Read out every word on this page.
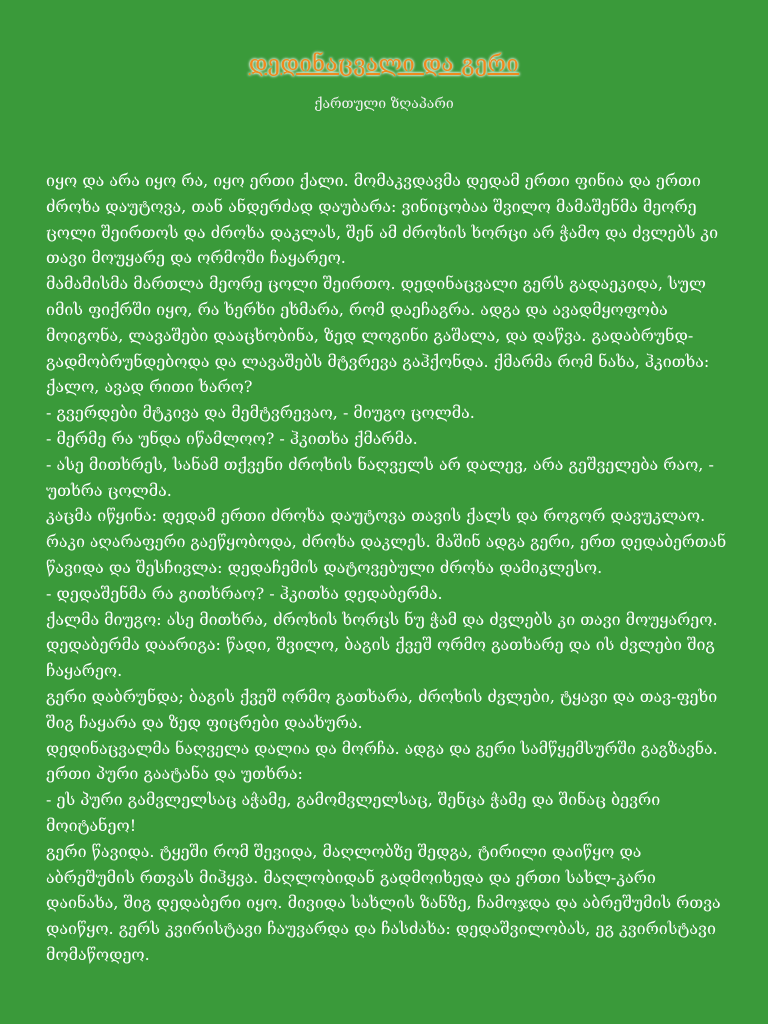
დედინაცვალი და გერი
ქართული ზღაპარი
იყო და არა იყო რა, იყო ერთი ქალი. მომაკვდავმა დედამ ერთი ფინია და ერთი
ძროხა დაუტოვა, თან ანდერძად დაუბარა: ვინიცობაა შვილო მამაშენმა მეორე
ცოლი შეირთოს და ძროხა დაკლას, შენ ამ ძროხის ხორცი არ ჭამო და ძვლებს კი
თავი მოუყარე და ორმოში ჩაყარეო.
მამამისმა მართლა მეორე ცოლი შეირთო. დედინაცვალი გერს გადაეკიდა, სულ
იმის ფიქრში იყო, რა ხერხი ეხმარა, რომ დაეჩაგრა. ადგა და ავადმყოფობა
მოიგონა, ლავაშები დააცხობინა, ზედ ლოგინი გაშალა, და დაწვა. გადაბრუნდ-
გადმობრუნდებოდა და ლავაშებს მტვრევა გაჰქონდა. ქმარმა რომ ნახა, ჰკითხა:
ქალო, ავად რითი ხარო?
- გვერდები მტკივა და მემტვრევაო, - მიუგო ცოლმა.
- მერმე რა უნდა იწამლოო? - ჰკითხა ქმარმა.
- ასე მითხრეს, სანამ თქვენი ძროხის ნაღველს არ დალევ, არა გეშველება რაო, -
უთხრა ცოლმა.
კაცმა იწყინა: დედამ ერთი ძროხა დაუტოვა თავის ქალს და როგორ დავუკლაო.
რაკი აღარაფერი გაეწყობოდა, ძროხა დაკლეს. მაშინ ადგა გერი, ერთ დედაბერთან
წავიდა და შესჩივლა: დედაჩემის დატოვებული ძროხა დამიკლესო.
- დედაშენმა რა გითხრაო? - ჰკითხა დედაბერმა.
ქალმა მიუგო: ასე მითხრა, ძროხის ხორცს ნუ ჭამ და ძვლებს კი თავი მოუყარეო.
დედაბერმა დაარიგა: წადი, შვილო, ბაგის ქვეშ ორმო გათხარე და ის ძვლები შიგ
ჩაყარეო.
გერი დაბრუნდა; ბაგის ქვეშ ორმო გათხარა, ძროხის ძვლები, ტყავი და თავ-ფეხი
შიგ ჩაყარა და ზედ ფიცრები დაახურა.
დედინაცვალმა ნაღველა დალია და მორჩა. ადგა და გერი სამწყემსურში გაგზავნა.
ერთი პური გაატანა და უთხრა:
- ეს პური გამვლელსაც აჭამე, გამომვლელსაც, შენცა ჭამე და შინაც ბევრი
მოიტანეო!
გერი წავიდა. ტყეში რომ შევიდა, მაღლობზე შედგა, ტირილი დაიწყო და
აბრეშუმის რთვას მიჰყვა. მაღლობიდან გადმოიხედა და ერთი სახლ-კარი
დაინახა, შიგ დედაბერი იყო. მივიდა სახლის ზანზე, ჩამოჯდა და აბრეშუმის რთვა
დაიწყო. გერს კვირისტავი ჩაუვარდა და ჩასძახა: დედაშვილობას, ეგ კვირისტავი
მომაწოდეო.
